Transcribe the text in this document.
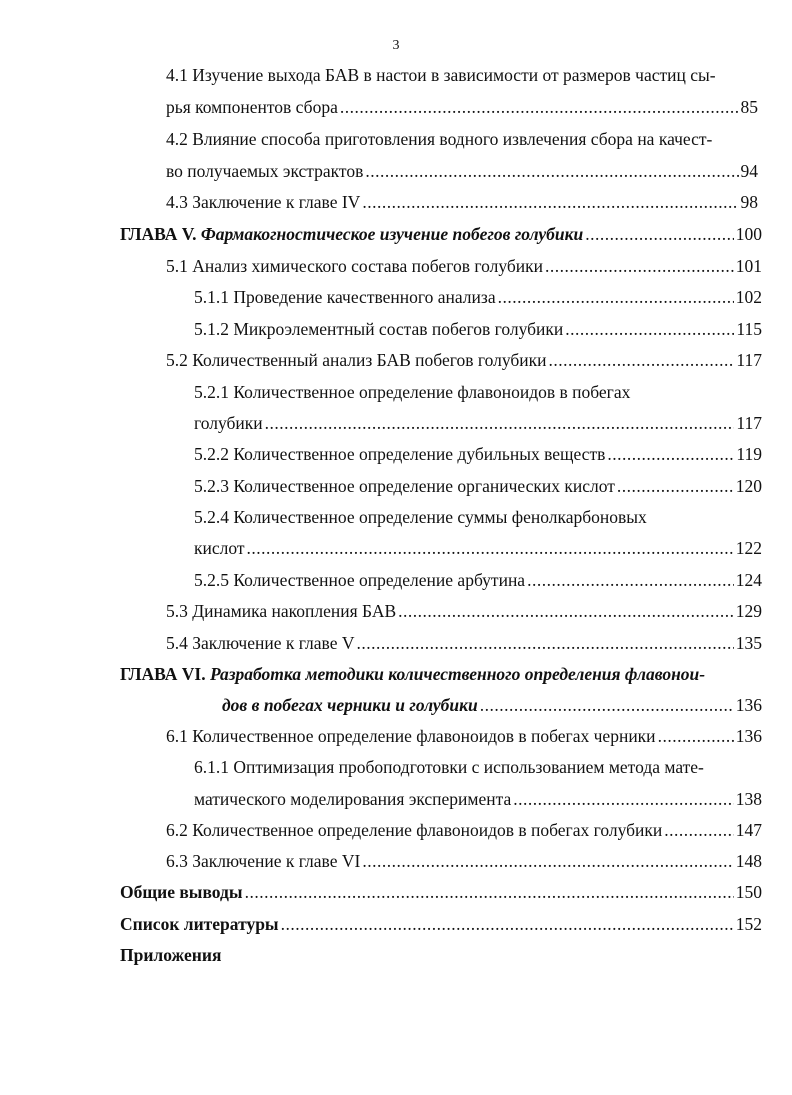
3
4.1 Изучение выхода БАВ в настои в зависимости от размеров частиц сы-
рья компонентов сбора .....	85
4.2 Влияние способа приготовления водного извлечения сбора на качест-
во получаемых экстрактов .....	94
4.3 Заключение к главе IV .....	98
ГЛАВА V. Фармакогностическое изучение побегов голубики .....	100
5.1 Анализ химического состава побегов голубики .....	101
5.1.1 Проведение качественного анализа .....	102
5.1.2 Микроэлементный состав побегов голубики .....	115
5.2 Количественный анализ БАВ побегов голубики .....	117
5.2.1 Количественное определение флавоноидов в побегах
голубики .....	117
5.2.2 Количественное определение дубильных веществ .....	119
5.2.3 Количественное определение органических кислот .....	120
5.2.4 Количественное определение суммы фенолкарбоновых
кислот .....	122
5.2.5 Количественное определение арбутина .....	124
5.3 Динамика накопления БАВ .....	129
5.4 Заключение к главе V .....	135
ГЛАВА VI. Разработка методики количественного определения флавонои-
дов в побегах черники и голубики .....	136
6.1 Количественное определение флавоноидов в побегах черники .....	136
6.1.1 Оптимизация пробоподготовки с использованием метода мате-
матического моделирования эксперимента .....	138
6.2 Количественное определение флавоноидов в побегах голубики .....	147
6.3 Заключение к главе VI .....	148
Общие выводы .....	150
Список литературы .....	152
Приложения
